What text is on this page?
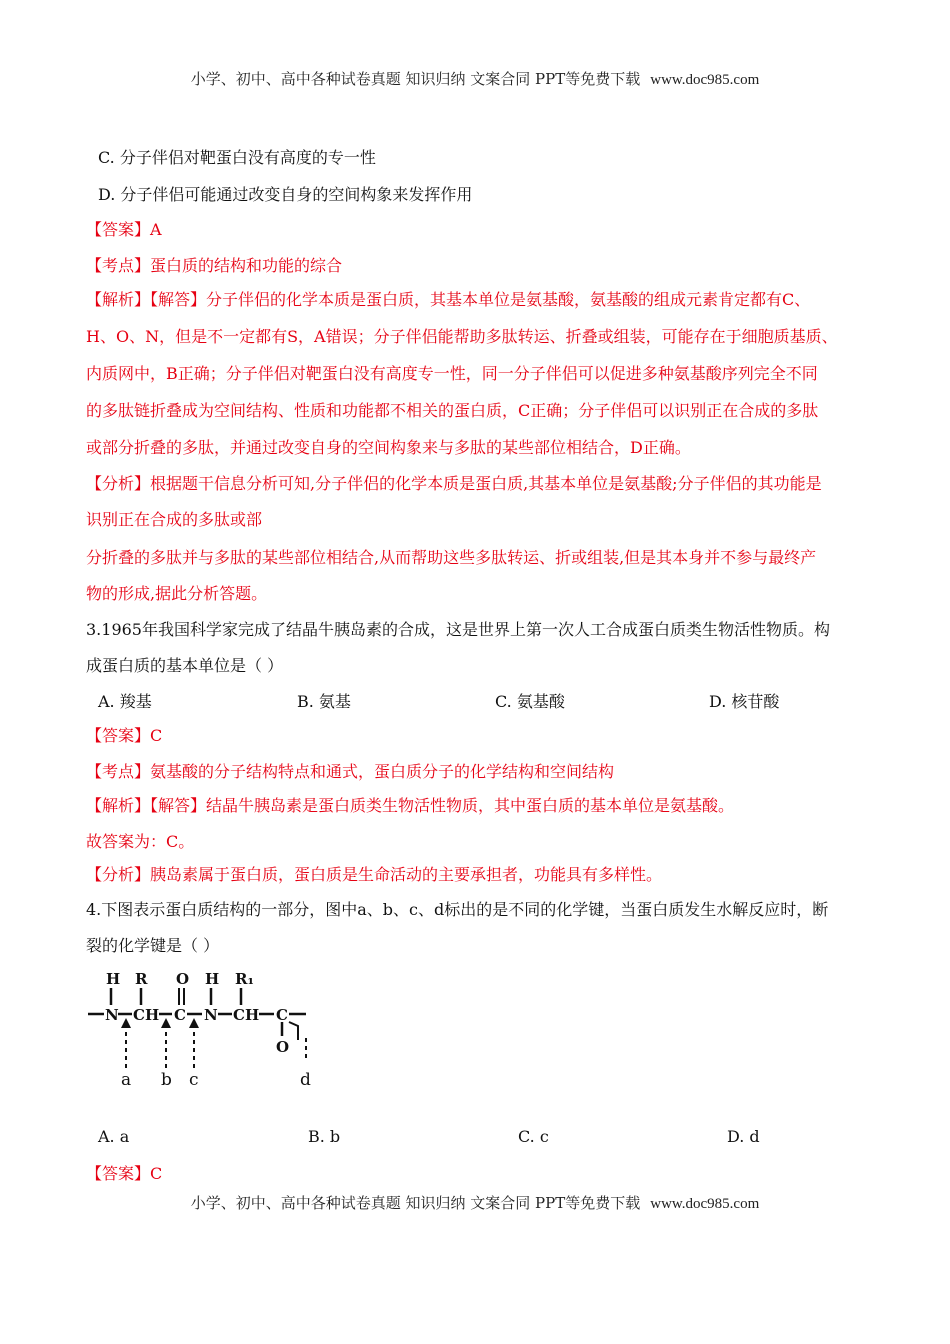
小学、初中、高中各种试卷真题 知识归纳 文案合同 PPT等免费下载 www.doc985.com
C. 分子伴侣对靶蛋白没有高度的专一性
D. 分子伴侣可能通过改变自身的空间构象来发挥作用
【答案】A
【考点】蛋白质的结构和功能的综合
【解析】【解答】分子伴侣的化学本质是蛋白质，其基本单位是氨基酸，氨基酸的组成元素肯定都有C、
H、O、N，但是不一定都有S，A错误；分子伴侣能帮助多肽转运、折叠或组装，可能存在于细胞质基质、
内质网中，B正确；分子伴侣对靶蛋白没有高度专一性，同一分子伴侣可以促进多种氨基酸序列完全不同
的多肽链折叠成为空间结构、性质和功能都不相关的蛋白质，C正确；分子伴侣可以识别正在合成的多肽
或部分折叠的多肽，并通过改变自身的空间构象来与多肽的某些部位相结合，D正确。
【分析】根据题干信息分析可知,分子伴侣的化学本质是蛋白质,其基本单位是氨基酸;分子伴侣的其功能是
识别正在合成的多肽或部
分折叠的多肽并与多肽的某些部位相结合,从而帮助这些多肽转运、折或组装,但是其本身并不参与最终产
物的形成,据此分析答题。
3.1965年我国科学家完成了结晶牛胰岛素的合成，这是世界上第一次人工合成蛋白质类生物活性物质。构
成蛋白质的基本单位是（ ）
A. 羧基	B. 氨基	C. 氨基酸	D. 核苷酸
【答案】C
【考点】氨基酸的分子结构特点和通式，蛋白质分子的化学结构和空间结构
【解析】【解答】结晶牛胰岛素是蛋白质类生物活性物质，其中蛋白质的基本单位是氨基酸。
故答案为：C。
【分析】胰岛素属于蛋白质，蛋白质是生命活动的主要承担者，功能具有多样性。
4.下图表示蛋白质结构的一部分，图中a、b、c、d标出的是不同的化学键，当蛋白质发生水解反应时，断
裂的化学键是（ ）
H R O H R₁
N CH C N CH C
O
a b c	d
A. a	B. b	C. c	D. d
【答案】C
小学、初中、高中各种试卷真题 知识归纳 文案合同 PPT等免费下载 www.doc985.com
